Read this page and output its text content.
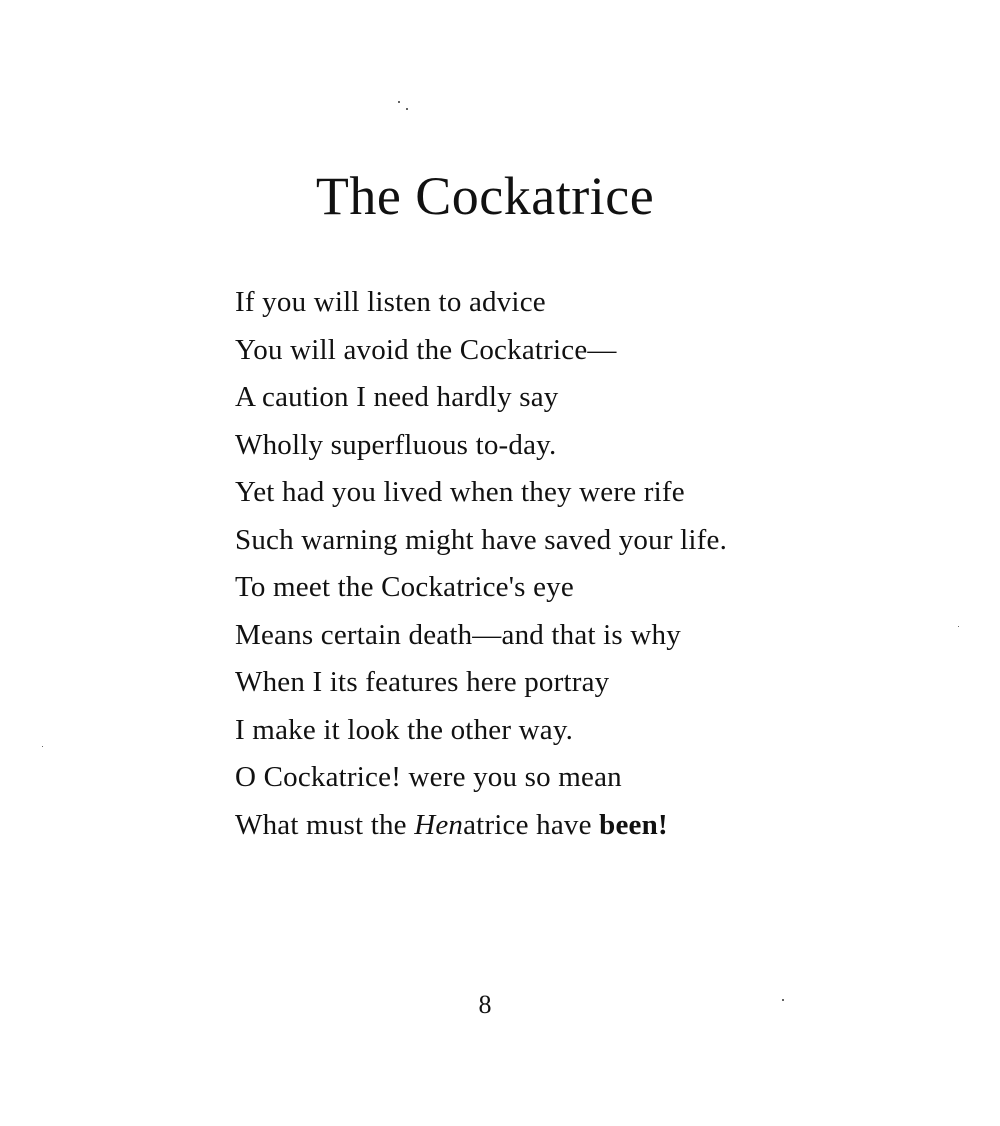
The Cockatrice
If you will listen to advice
You will avoid the Cockatrice—
A caution I need hardly say
Wholly superfluous to-day.
Yet had you lived when they were rife
Such warning might have saved your life.
To meet the Cockatrice's eye
Means certain death—and that is why
When I its features here portray
I make it look the other way.
O Cockatrice! were you so mean
What must the Henatrice have been!
8
